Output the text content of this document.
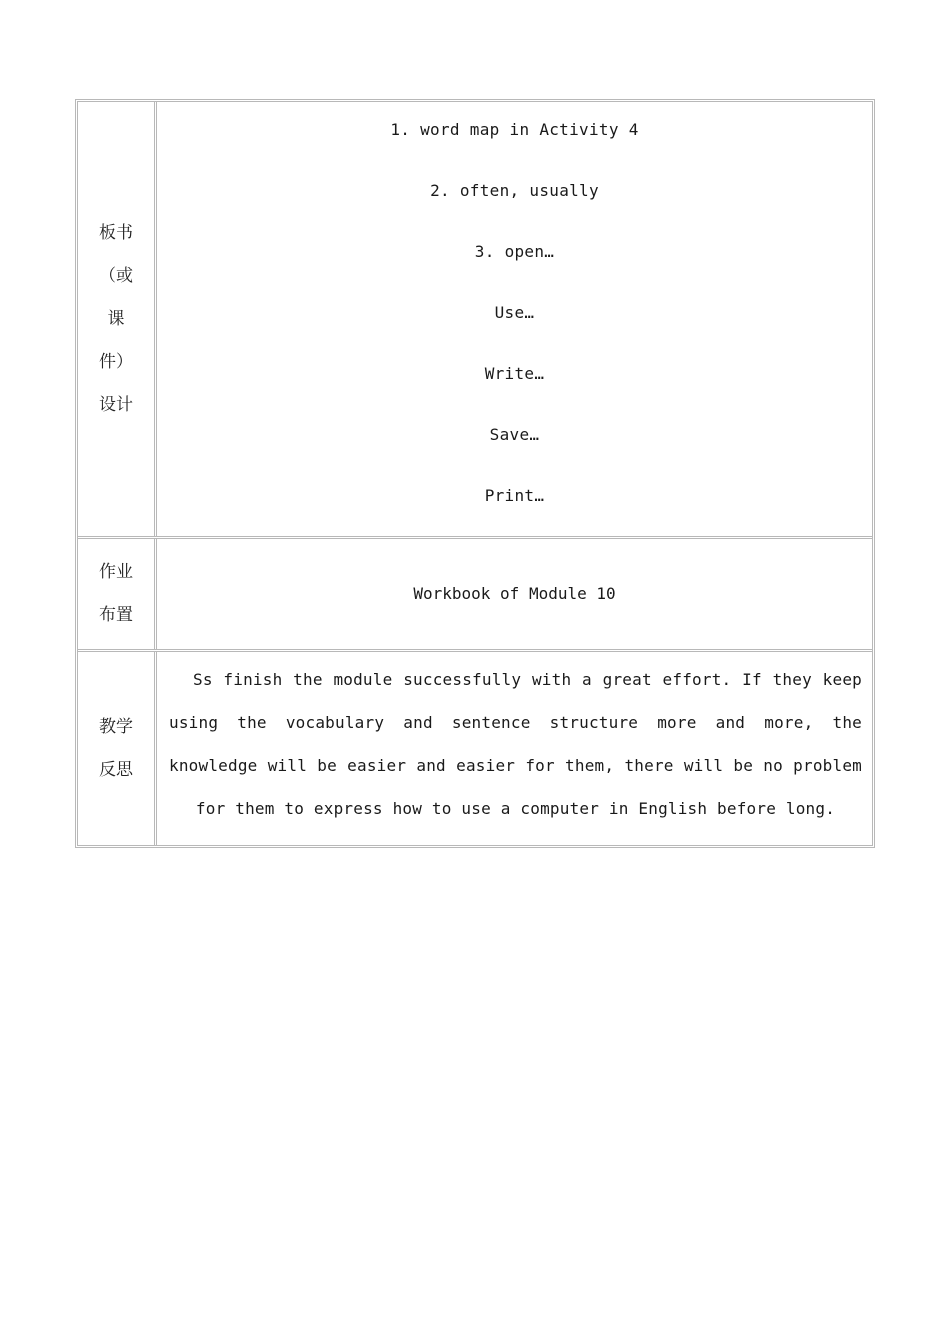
板书
（或
课
件）
设计
1. word map in Activity 4
2. often, usually
3. open…
Use…
Write…
Save…
Print…
作业
布置
Workbook of Module 10
教学
反思

Ss finish the module successfully with a great effort. If they keep using the vocabulary and sentence structure more and more, the knowledge will be easier and easier for them, there will be no problem for them to express how to use a computer in English before long.
